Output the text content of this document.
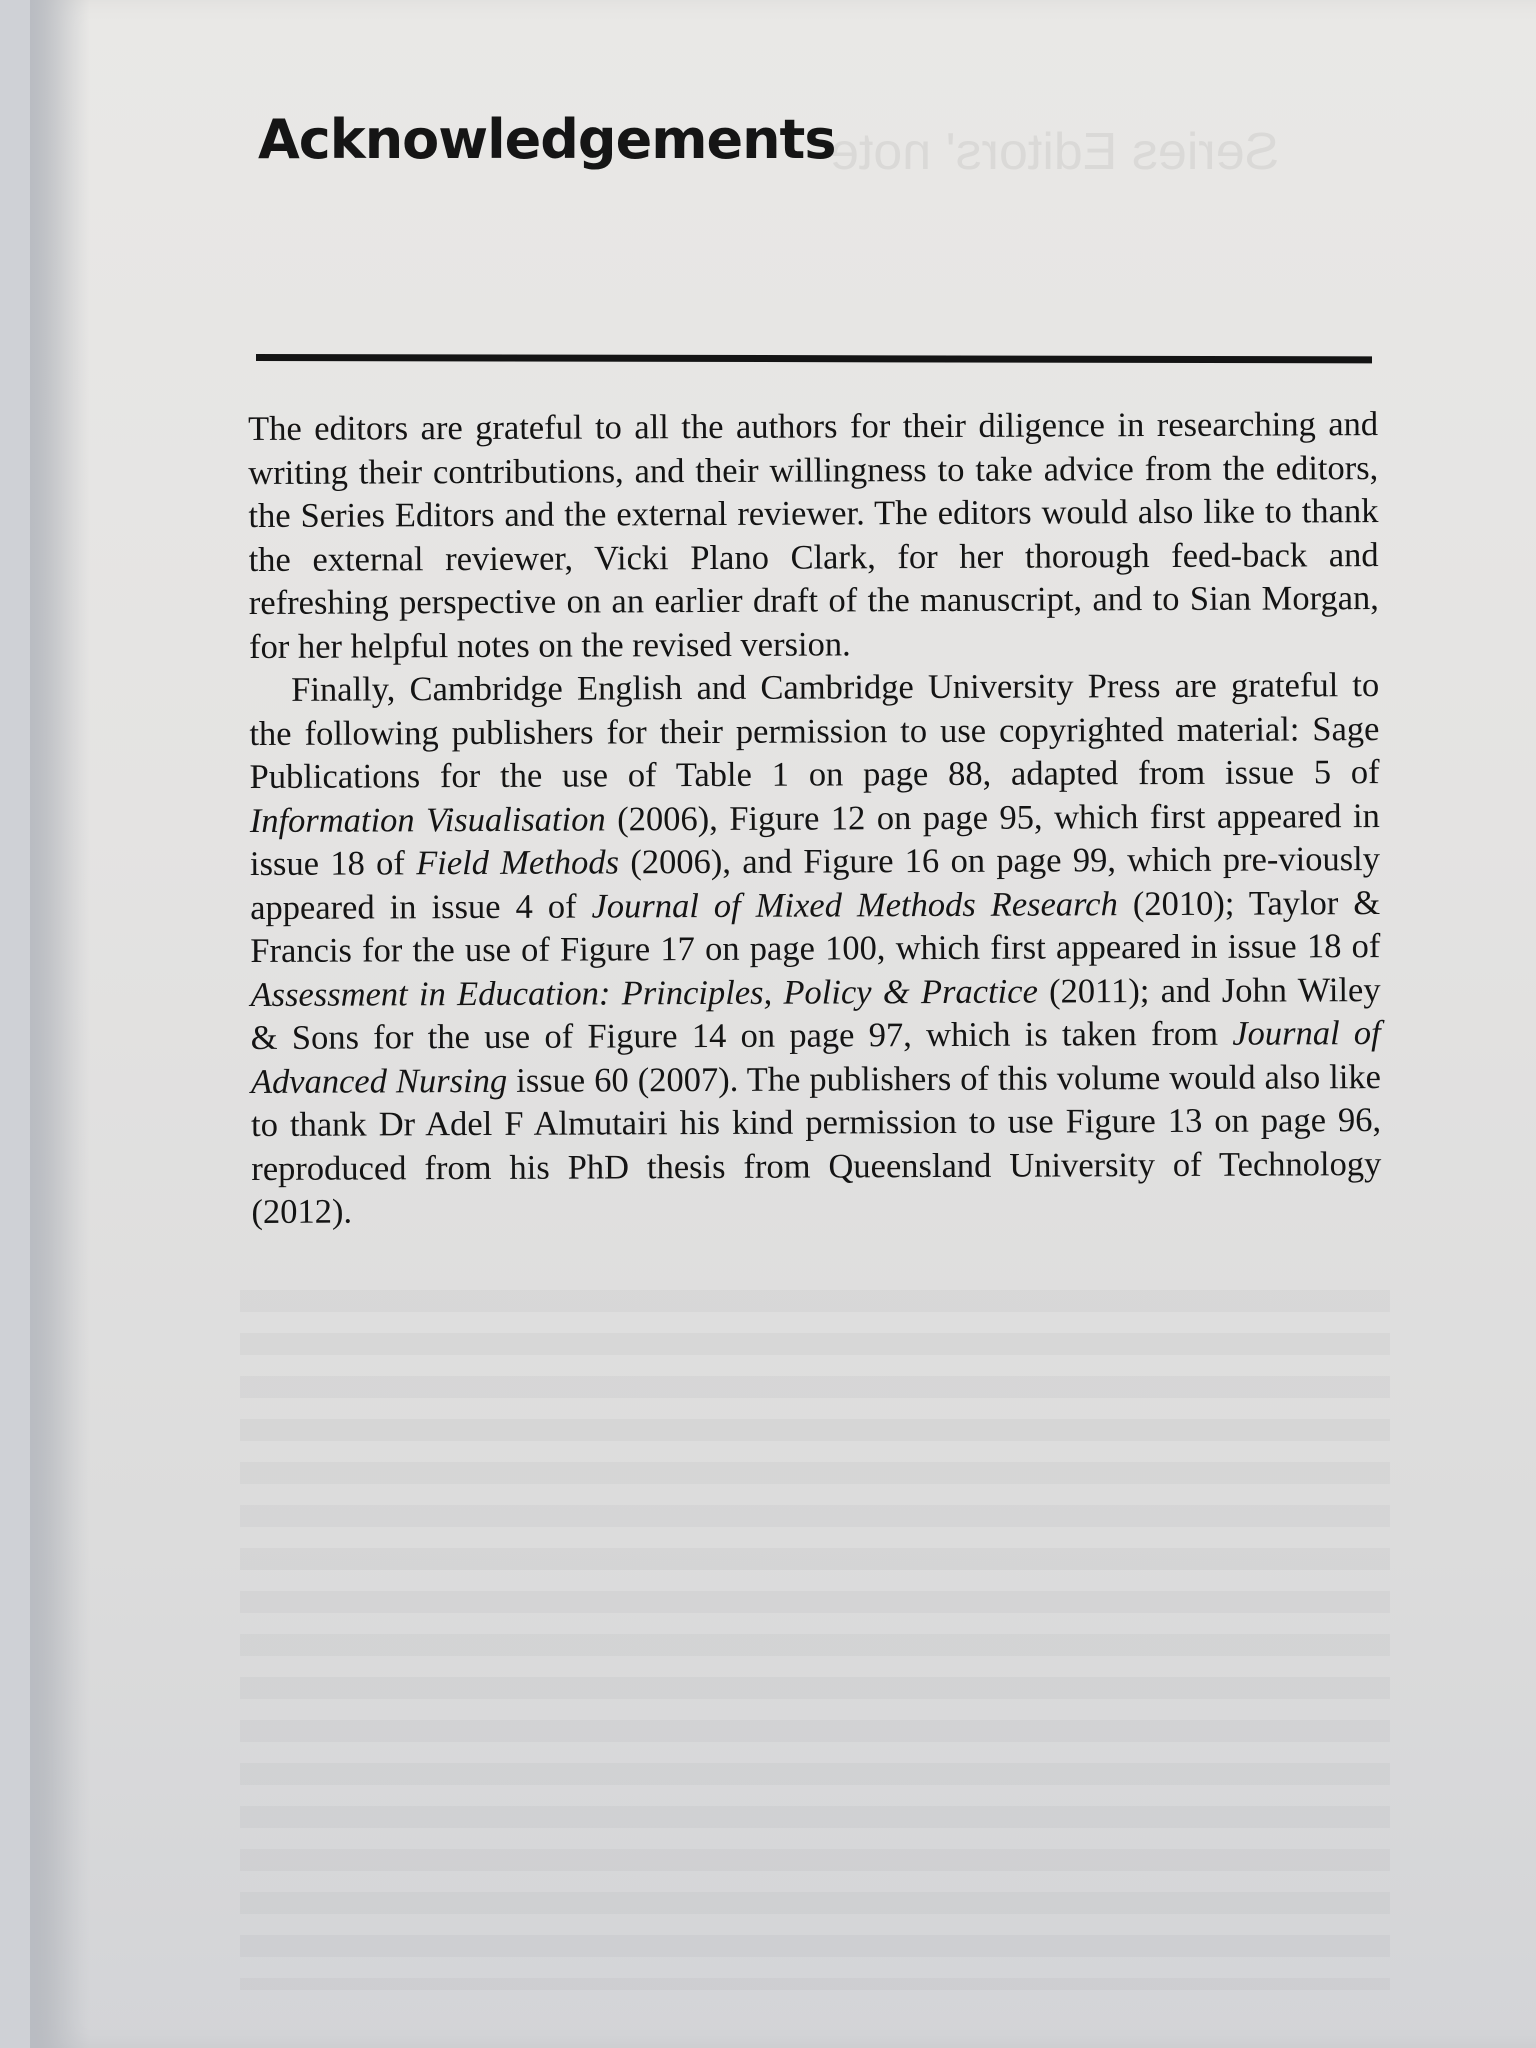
Series Editors' note
Acknowledgements

The editors are grateful to all the authors for their diligence in researching and writing their contributions, and their willingness to take advice from the editors, the Series Editors and the external reviewer. The editors would also like to thank the external reviewer, Vicki Plano Clark, for her thorough feed-back and refreshing perspective on an earlier draft of the manuscript, and to Sian Morgan, for her helpful notes on the revised version.

Finally, Cambridge English and Cambridge University Press are grateful to the following publishers for their permission to use copyrighted material: Sage Publications for the use of Table 1 on page 88, adapted from issue 5 of Information Visualisation (2006), Figure 12 on page 95, which first appeared in issue 18 of Field Methods (2006), and Figure 16 on page 99, which pre-viously appeared in issue 4 of Journal of Mixed Methods Research (2010); Taylor & Francis for the use of Figure 17 on page 100, which first appeared in issue 18 of Assessment in Education: Principles, Policy & Practice (2011); and John Wiley & Sons for the use of Figure 14 on page 97, which is taken from Journal of Advanced Nursing issue 60 (2007). The publishers of this volume would also like to thank Dr Adel F Almutairi his kind permission to use Figure 13 on page 96, reproduced from his PhD thesis from Queensland University of Technology (2012).
